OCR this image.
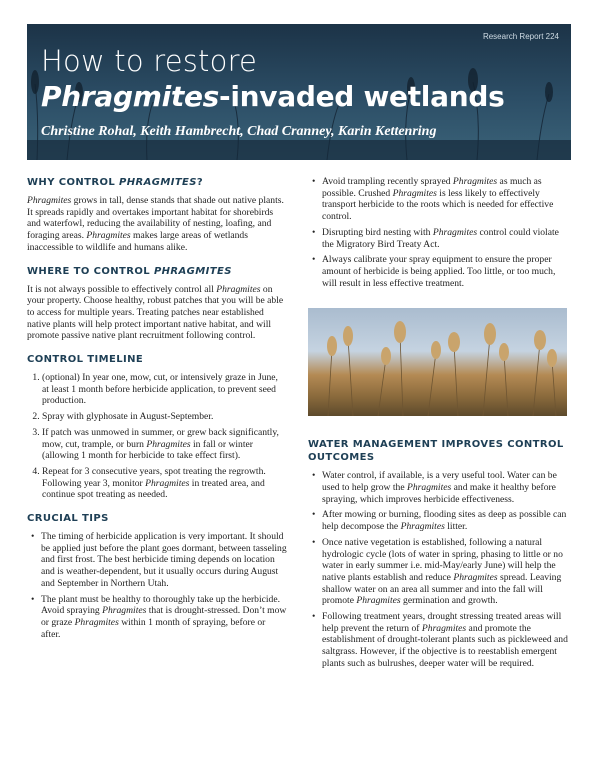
Research Report 224
How to restore
Phragmites-invaded wetlands
Christine Rohal, Keith Hambrecht, Chad Cranney, Karin Kettenring
WHY CONTROL PHRAGMITES?

Phragmites grows in tall, dense stands that shade out native plants. It spreads rapidly and overtakes important habitat for shorebirds and waterfowl, reducing the availability of nesting, loafing, and foraging areas. Phragmites makes large areas of wetlands inaccessible to wildlife and humans alike.

WHERE TO CONTROL PHRAGMITES

It is not always possible to effectively control all Phragmites on your property. Choose healthy, robust patches that you will be able to access for multiple years. Treating patches near established native plants will help protect important native habitat, and will promote passive native plant recruitment following control.

CONTROL TIMELINE
1. (optional) In year one, mow, cut, or intensively graze in June, at least 1 month before herbicide application, to prevent seed production.
2. Spray with glyphosate in August-September.
3. If patch was unmowed in summer, or grew back significantly, mow, cut, trample, or burn Phragmites in fall or winter (allowing 1 month for herbicide to take effect first).
4. Repeat for 3 consecutive years, spot treating the regrowth. Following year 3, monitor Phragmites in treated area, and continue spot treating as needed.
CRUCIAL TIPS
• The timing of herbicide application is very important. It should be applied just before the plant goes dormant, between tasseling and first frost. The best herbicide timing depends on location and is weather-dependent, but it usually occurs during August and September in Northern Utah.
• The plant must be healthy to thoroughly take up the herbicide. Avoid spraying Phragmites that is drought-stressed. Don’t mow or graze Phragmites within 1 month of spraying, before or after.
• Avoid trampling recently sprayed Phragmites as much as possible. Crushed Phragmites is less likely to effectively transport herbicide to the roots which is needed for effective control.
• Disrupting bird nesting with Phragmites control could violate the Migratory Bird Treaty Act.
• Always calibrate your spray equipment to ensure the proper amount of herbicide is being applied. Too little, or too much, will result in less effective treatment.
WATER MANAGEMENT IMPROVES CONTROL OUTCOMES
• Water control, if available, is a very useful tool. Water can be used to help grow the Phragmites and make it healthy before spraying, which improves herbicide effectiveness.
• After mowing or burning, flooding sites as deep as possible can help decompose the Phragmites litter.
• Once native vegetation is established, following a natural hydrologic cycle (lots of water in spring, phasing to little or no water in early summer i.e. mid-May/early June) will help the native plants establish and reduce Phragmites spread. Leaving shallow water on an area all summer and into the fall will promote Phragmites germination and growth.
• Following treatment years, drought stressing treated areas will help prevent the return of Phragmites and promote the establishment of drought-tolerant plants such as pickleweed and saltgrass. However, if the objective is to reestablish emergent plants such as bulrushes, deeper water will be required.
